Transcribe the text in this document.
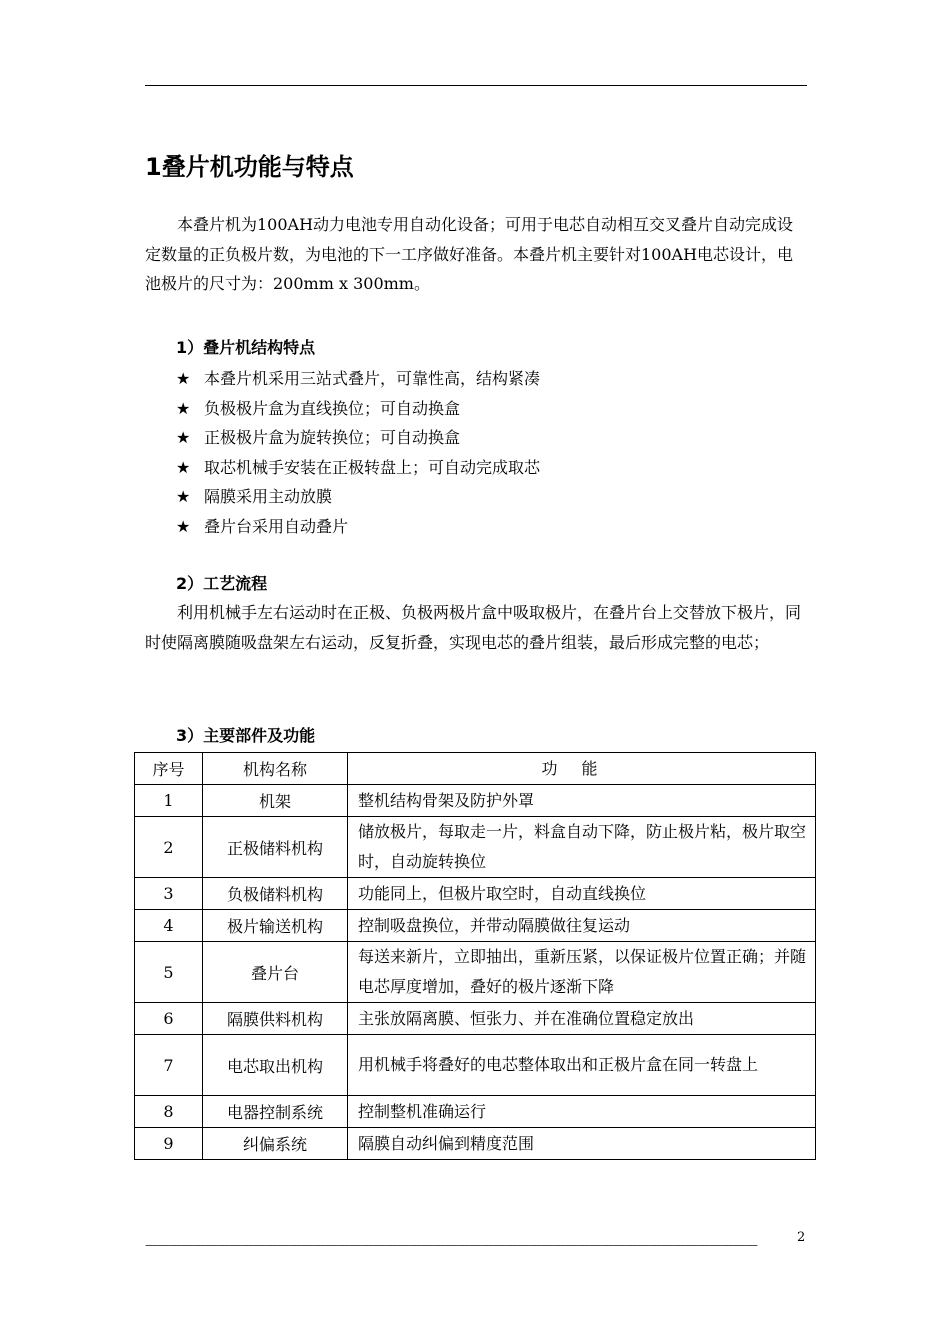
1叠片机功能与特点

本叠片机为100AH动力电池专用自动化设备；可用于电芯自动相互交叉叠片自动完成设定数量的正负极片数，为电池的下一工序做好准备。本叠片机主要针对100AH电芯设计，电池极片的尺寸为：200mm x 300mm。

1）叠片机结构特点

★ 本叠片机采用三站式叠片，可靠性高，结构紧凑
★ 负极极片盒为直线换位；可自动换盒
★ 正极极片盒为旋转换位；可自动换盒
★ 取芯机械手安装在正极转盘上；可自动完成取芯
★ 隔膜采用主动放膜
★ 叠片台采用自动叠片

2）工艺流程

利用机械手左右运动时在正极、负极两极片盒中吸取极片，在叠片台上交替放下极片，同时使隔离膜随吸盘架左右运动，反复折叠，实现电芯的叠片组装，最后形成完整的电芯；

3）主要部件及功能

序号	机构名称	功能
1	机架	整机结构骨架及防护外罩
2	正极储料机构	储放极片，每取走一片，料盒自动下降，防止极片粘，极片取空时，自动旋转换位
3	负极储料机构	功能同上，但极片取空时，自动直线换位
4	极片输送机构	控制吸盘换位，并带动隔膜做往复运动
5	叠片台	每送来新片，立即抽出，重新压紧，以保证极片位置正确；并随电芯厚度增加，叠好的极片逐渐下降
6	隔膜供料机构	主张放隔离膜、恒张力、并在准确位置稳定放出
7	电芯取出机构	用机械手将叠好的电芯整体取出和正极片盒在同一转盘上
8	电器控制系统	控制整机准确运行
9	纠偏系统	隔膜自动纠偏到精度范围
———————————————————————————————————————————————————
2
